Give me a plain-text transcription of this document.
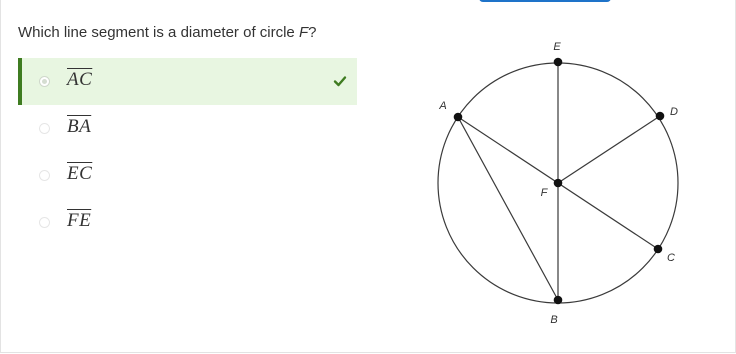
Which line segment is a diameter of circle F?
$\overline{AC}$
$\overline{BA}$
$\overline{EC}$
$\overline{FE}$
E
A	D
F
C
B
